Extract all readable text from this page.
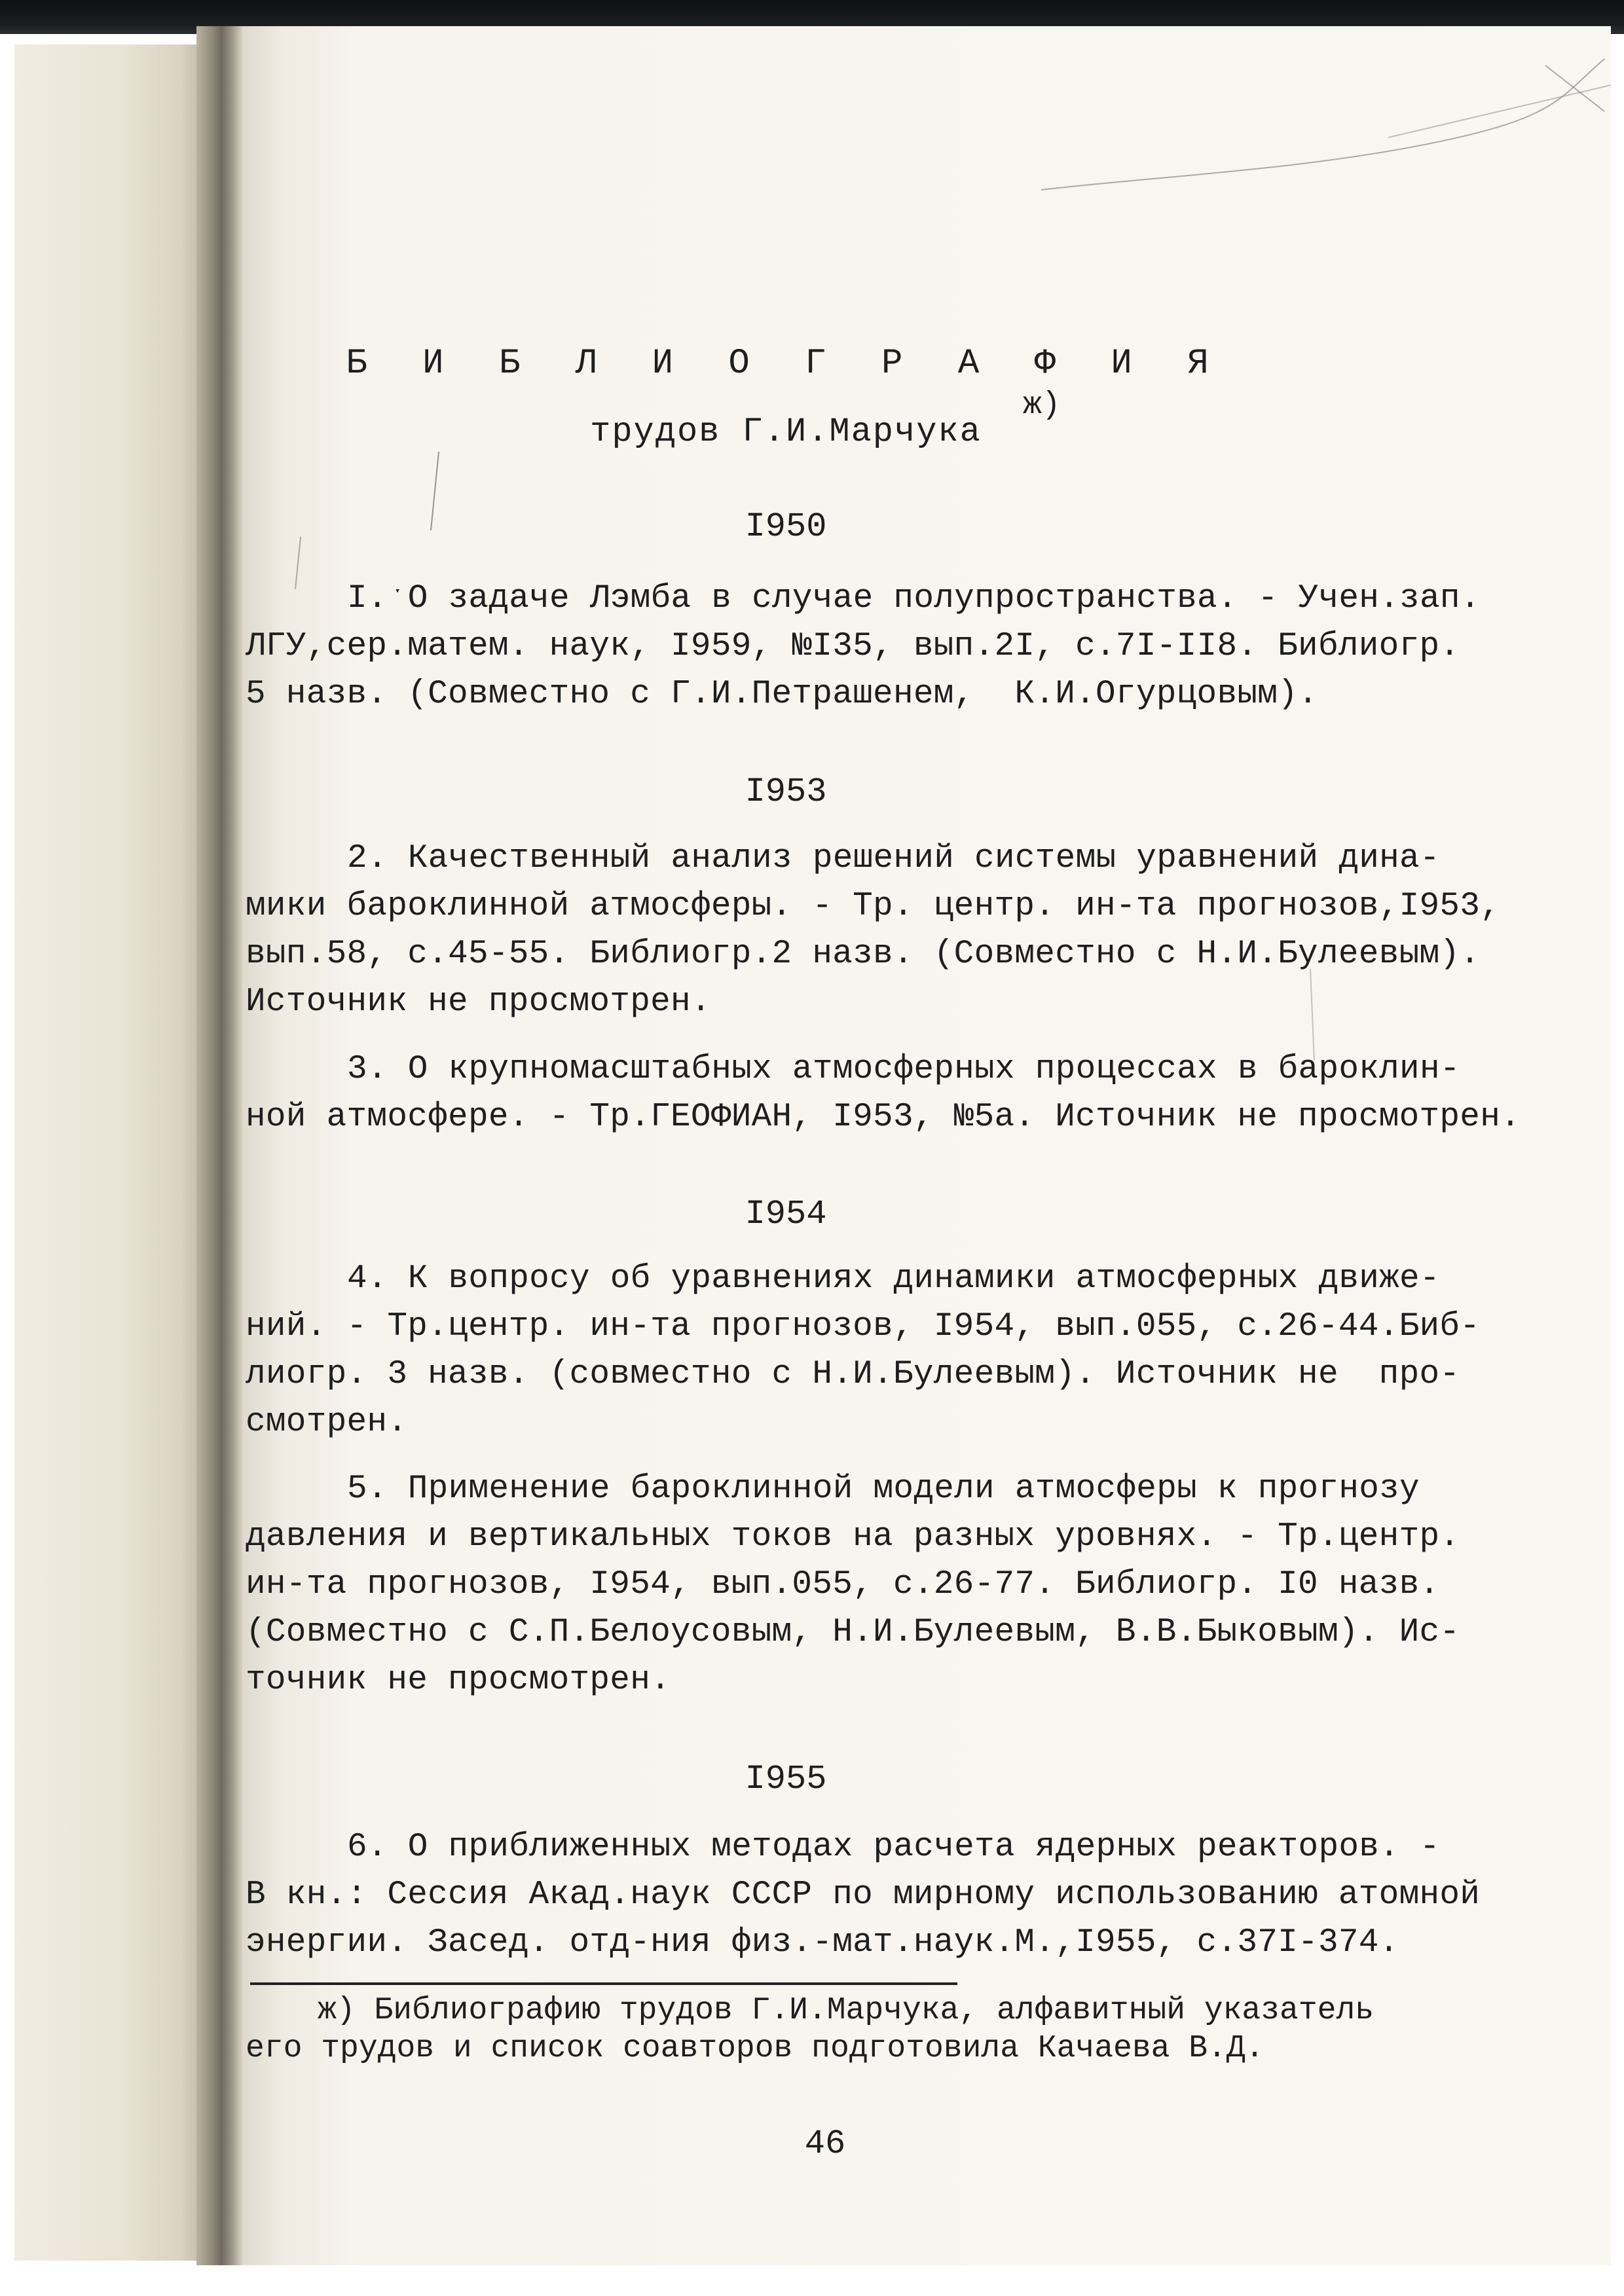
Б И Б Л И О Г Р А Ф И Я
трудов Г.И.Марчука
ж)
I950
I.ˑО задаче Лэмба в случае полупространства. - Учен.зап.
ЛГУ,сер.матем. наук, I959, №I35, вып.2I, с.7I-II8. Библиогр.
5 назв. (Совместно с Г.И.Петрашенем,  К.И.Огурцовым).
I953
2. Качественный анализ решений системы уравнений дина-
мики бароклинной атмосферы. - Тр. центр. ин-та прогнозов,I953,
вып.58, с.45-55. Библиогр.2 назв. (Совместно с Н.И.Булеевым).
Источник не просмотрен.
3. О крупномасштабных атмосферных процессах в бароклин-
ной атмосфере. - Тр.ГЕОФИАН, I953, №5а. Источник не просмотрен.
I954
4. К вопросу об уравнениях динамики атмосферных движе-
ний. - Тр.центр. ин-та прогнозов, I954, вып.055, с.26-44.Биб-
лиогр. 3 назв. (совместно с Н.И.Булеевым). Источник не  про-
смотрен.
5. Применение бароклинной модели атмосферы к прогнозу
давления и вертикальных токов на разных уровнях. - Тр.центр.
ин-та прогнозов, I954, вып.055, с.26-77. Библиогр. I0 назв.
(Совместно с С.П.Белоусовым, Н.И.Булеевым, В.В.Быковым). Ис-
точник не просмотрен.
I955
6. О приближенных методах расчета ядерных реакторов. -
В кн.: Сессия Акад.наук СССР по мирному использованию атомной
энергии. Засед. отд-ния физ.-мат.наук.М.,I955, с.37I-374.
ж) Библиографию трудов Г.И.Марчука, алфавитный указатель
его трудов и список соавторов подготовила Качаева В.Д.
46
